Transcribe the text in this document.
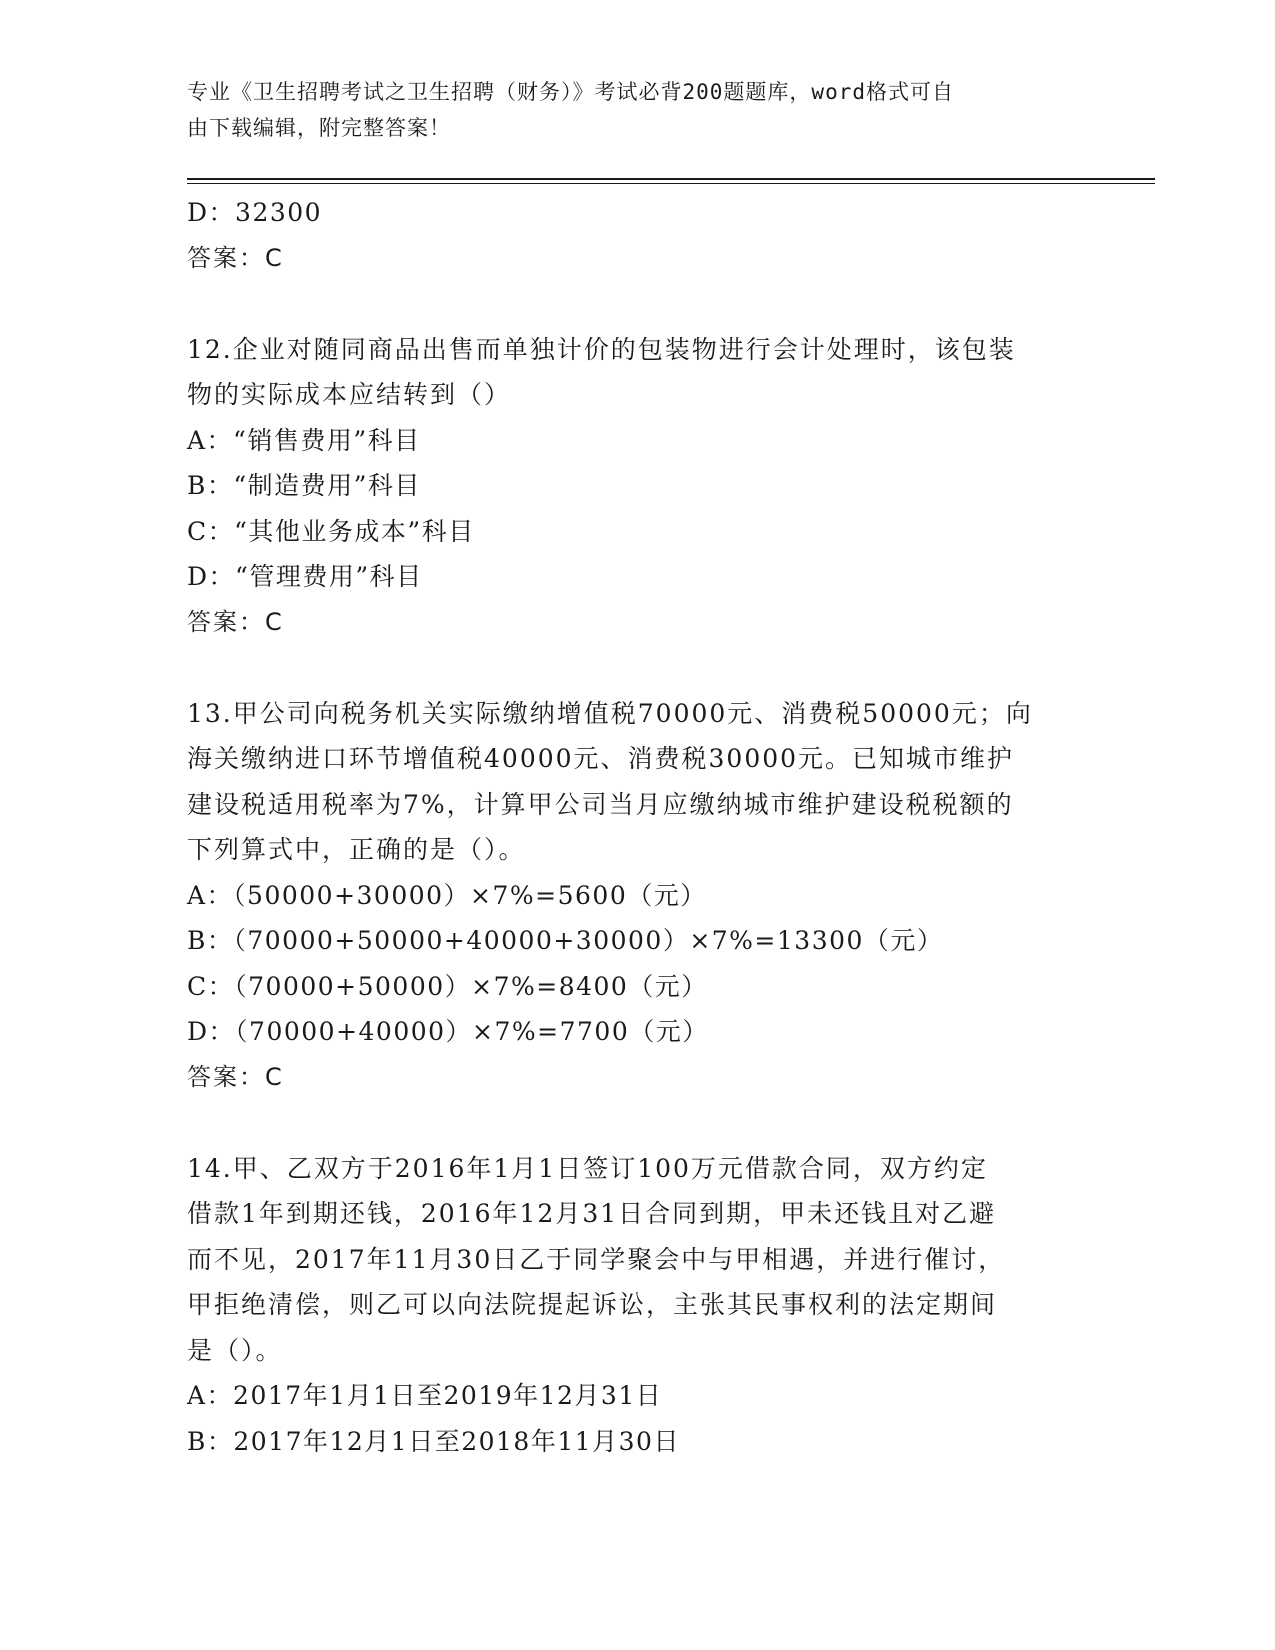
专业《卫生招聘考试之卫生招聘（财务）》考试必背200题题库，word格式可自
由下载编辑，附完整答案！
D：32300
答案：C
12.企业对随同商品出售而单独计价的包装物进行会计处理时，该包装
物的实际成本应结转到（）
A：“销售费用”科目
B：“制造费用”科目
C：“其他业务成本”科目
D：“管理费用”科目
答案：C
13.甲公司向税务机关实际缴纳增值税70000元、消费税50000元；向
海关缴纳进口环节增值税40000元、消费税30000元。已知城市维护
建设税适用税率为7%，计算甲公司当月应缴纳城市维护建设税税额的
下列算式中，正确的是（）。
A：（50000+30000）×7%=5600（元）
B：（70000+50000+40000+30000）×7%=13300（元）
C：（70000+50000）×7%=8400（元）
D：（70000+40000）×7%=7700（元）
答案：C
14.甲、乙双方于2016年1月1日签订100万元借款合同，双方约定
借款1年到期还钱，2016年12月31日合同到期，甲未还钱且对乙避
而不见，2017年11月30日乙于同学聚会中与甲相遇，并进行催讨，
甲拒绝清偿，则乙可以向法院提起诉讼，主张其民事权利的法定期间
是（）。
A：2017年1月1日至2019年12月31日
B：2017年12月1日至2018年11月30日
